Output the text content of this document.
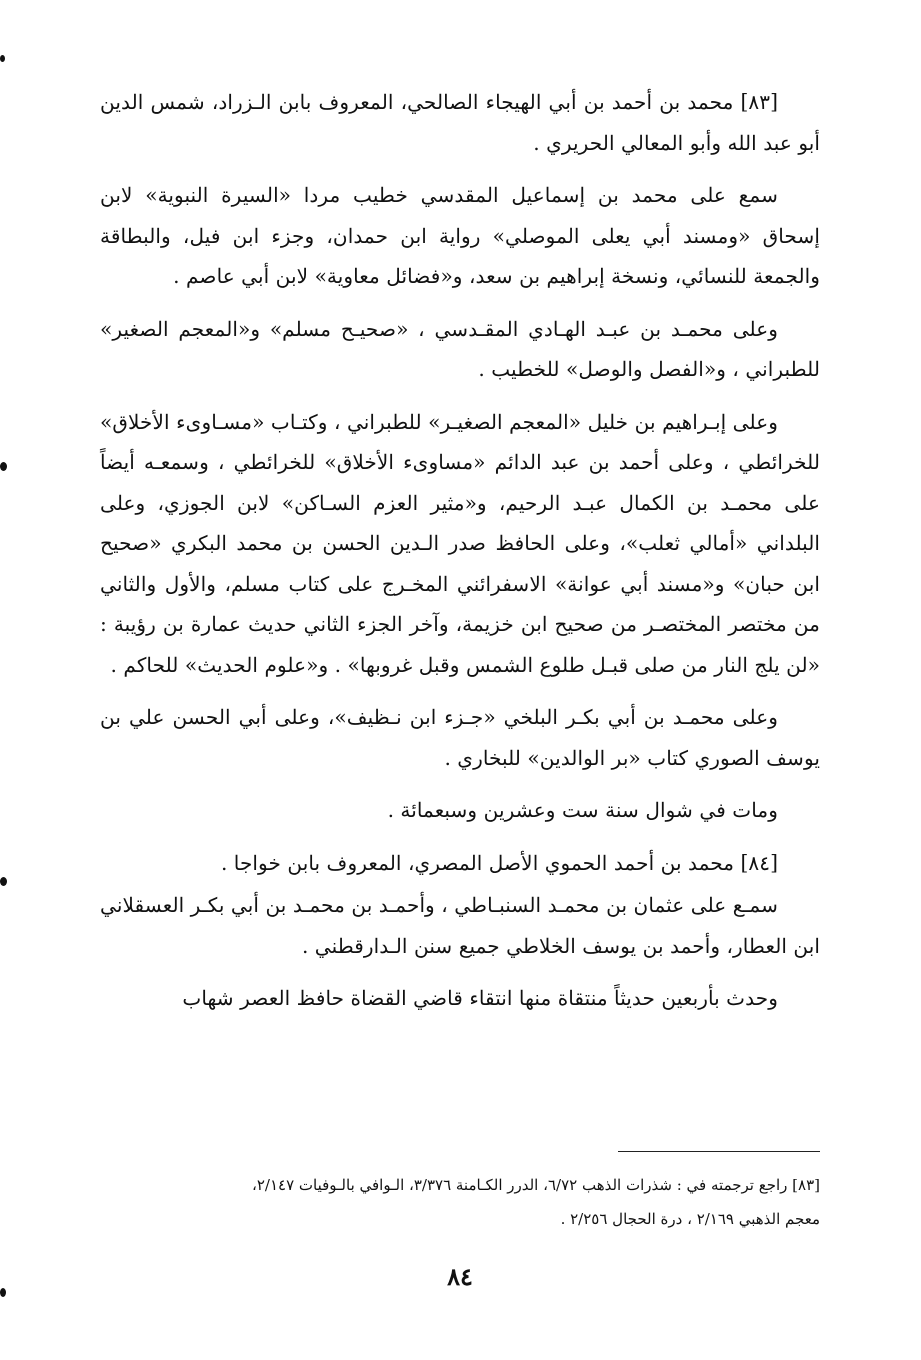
[٨٣] محمد بن أحمد بن أبي الهيجاء الصالحي، المعروف بابن الـزراد، شمس الدين أبو عبد الله وأبو المعالي الحريري .

سمع على محمد بن إسماعيل المقدسي خطيب مردا «السيرة النبوية» لابن إسحاق «ومسند أبي يعلى الموصلي» رواية ابن حمدان، وجزء ابن فيل، والبطاقة والجمعة للنسائي، ونسخة إبراهيم بن سعد، و«فضائل معاوية» لابن أبي عاصم .

وعلى محمـد بن عبـد الهـادي المقـدسي ، «صحيـح مسلم» و«المعجم الصغير» للطبراني ، و«الفصل والوصل» للخطيب .

وعلى إبـراهيم بن خليل «المعجم الصغيـر» للطبراني ، وكتـاب «مسـاوىء الأخلاق» للخرائطي ، وعلى أحمد بن عبد الدائم «مساوىء الأخلاق» للخرائطي ، وسمعـه أيضاً على محمـد بن الكمال عبـد الرحيم، و«مثير العزم السـاكن» لابن الجوزي، وعلى البلداني «أمالي ثعلب»، وعلى الحافظ صدر الـدين الحسن بن محمد البكري «صحيح ابن حبان» و«مسند أبي عوانة» الاسفرائني المخـرج على كتاب مسلم، والأول والثاني من مختصر المختصـر من صحيح ابن خزيمة، وآخر الجزء الثاني حديث عمارة بن رؤيبة : «لن يلج النار من صلى قبـل طلوع الشمس وقبل غروبها» . و«علوم الحديث» للحاكم .

وعلى محمـد بن أبي بكـر البلخي «جـزء ابن نـظيف»، وعلى أبي الحسن علي بن يوسف الصوري كتاب «بر الوالدين» للبخاري .

ومات في شوال سنة ست وعشرين وسبعمائة .

[٨٤] محمد بن أحمد الحموي الأصل المصري، المعروف بابن خواجا .

سمـع على عثمان بن محمـد السنبـاطي ، وأحمـد بن محمـد بن أبي بكـر العسقلاني ابن العطار، وأحمد بن يوسف الخلاطي جميع سنن الـدارقطني .

وحدث بأربعين حديثاً منتقاة منها انتقاء قاضي القضاة حافظ العصر شهاب

[٨٣] راجع ترجمته في : شذرات الذهب ٦/٧٢، الدرر الكـامنة ٣/٣٧٦، الـوافي بالـوفيات ٢/١٤٧،

معجم الذهبي ٢/١٦٩ ، درة الحجال ٢/٢٥٦ .

٨٤
